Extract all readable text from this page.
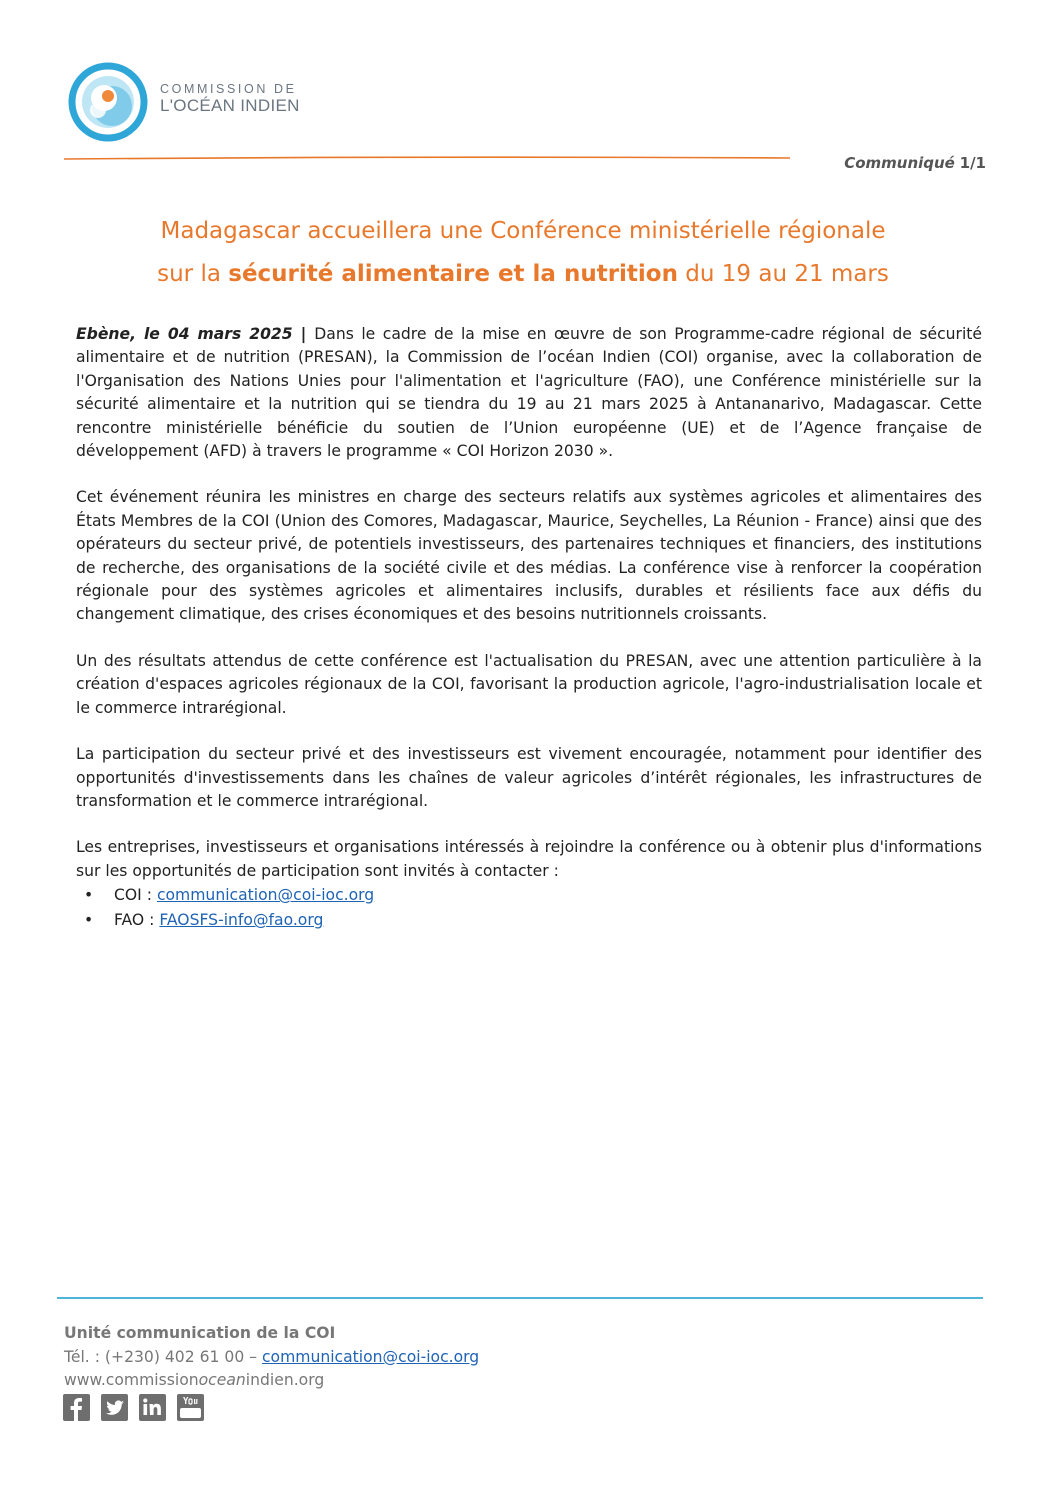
COMMISSION DE
L'OCÉAN INDIEN
Communiqué 1/1
Madagascar accueillera une Conférence ministérielle régionale
sur la sécurité alimentaire et la nutrition du 19 au 21 mars

Ebène, le 04 mars 2025 | Dans le cadre de la mise en œuvre de son Programme-cadre régional de sécurité alimentaire et de nutrition (PRESAN), la Commission de l’océan Indien (COI) organise, avec la collaboration de l'Organisation des Nations Unies pour l'alimentation et l'agriculture (FAO), une Conférence ministérielle sur la sécurité alimentaire et la nutrition qui se tiendra du 19 au 21 mars 2025 à Antananarivo, Madagascar. Cette rencontre ministérielle bénéficie du soutien de l’Union européenne (UE) et de l’Agence française de développement (AFD) à travers le programme « COI Horizon 2030 ».

Cet événement réunira les ministres en charge des secteurs relatifs aux systèmes agricoles et alimentaires des États Membres de la COI (Union des Comores, Madagascar, Maurice, Seychelles, La Réunion - France) ainsi que des opérateurs du secteur privé, de potentiels investisseurs, des partenaires techniques et financiers, des institutions de recherche, des organisations de la société civile et des médias. La conférence vise à renforcer la coopération régionale pour des systèmes agricoles et alimentaires inclusifs, durables et résilients face aux défis du changement climatique, des crises économiques et des besoins nutritionnels croissants.

Un des résultats attendus de cette conférence est l'actualisation du PRESAN, avec une attention particulière à la création d'espaces agricoles régionaux de la COI, favorisant la production agricole, l'agro-industrialisation locale et le commerce intrarégional.

La participation du secteur privé et des investisseurs est vivement encouragée, notamment pour identifier des opportunités d'investissements dans les chaînes de valeur agricoles d’intérêt régionales, les infrastructures de transformation et le commerce intrarégional.

Les entreprises, investisseurs et organisations intéressés à rejoindre la conférence ou à obtenir plus d'informations sur les opportunités de participation sont invités à contacter :

• COI : communication@coi-ioc.org
• FAO : FAOSFS-info@fao.org
Unité communication de la COI
Tél. : (+230) 402 61 00 – communication@coi-ioc.org
www.commissionoceanindien.org
